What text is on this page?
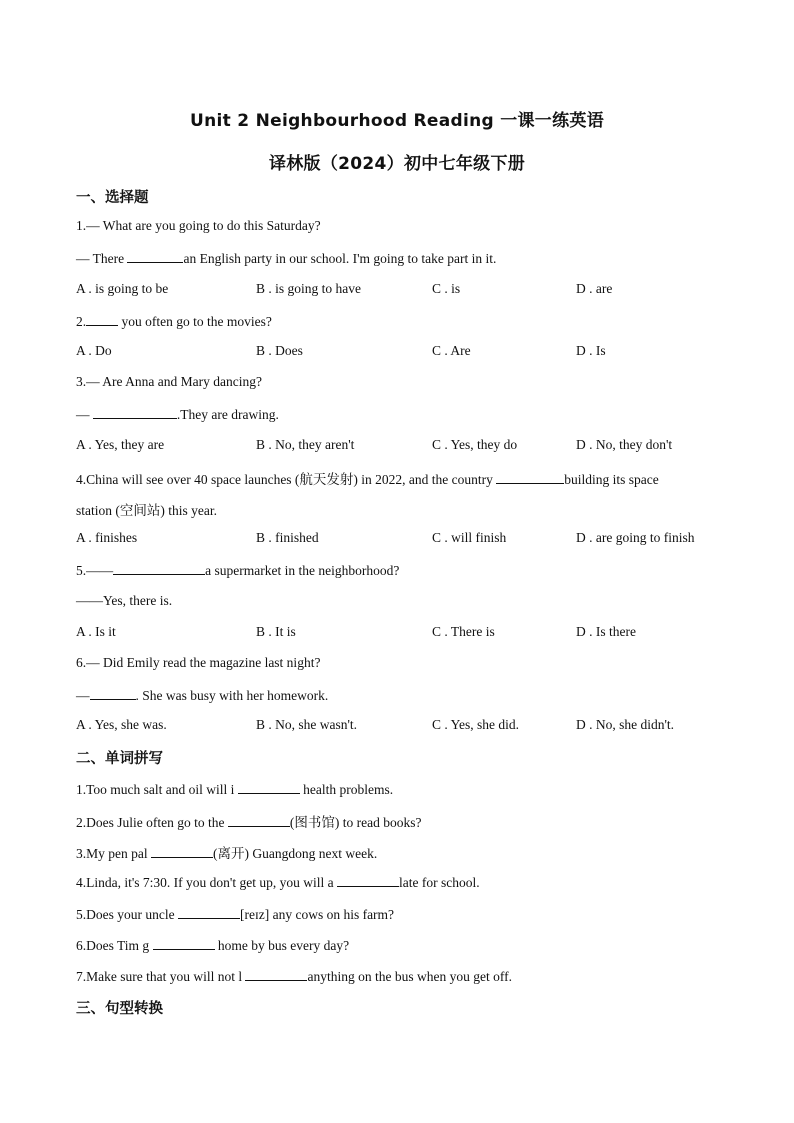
Unit 2 Neighbourhood Reading 一课一练英语
译林版（2024）初中七年级下册
一、选择题
1.— What are you going to do this Saturday?
— There	an English party in our school. I'm going to take part in it.
A . is going to be	B . is going to have	C . is	D . are
2. you often go to the movies?
A . Do	B . Does	C . Are	D . Is
3.— Are Anna and Mary dancing?
—	.They are drawing.
A . Yes, they are	B . No, they aren't	C . Yes, they do	D . No, they don't
4.China will see over 40 space launches (航天发射) in 2022, and the country	building its space
station (空间站) this year.
A . finishes	B . finished	C . will finish	D . are going to finish
5.——	a supermarket in the neighborhood?
——Yes, there is.
A . Is it	B . It is	C . There is	D . Is there
6.— Did Emily read the magazine last night?
—	. She was busy with her homework.
A . Yes, she was.	B . No, she wasn't.	C . Yes, she did.	D . No, she didn't.
二、单词拼写
1.Too much salt and oil will i	health problems.
2.Does Julie often go to the	(图书馆) to read books?
3.My pen pal	(离开) Guangdong next week.
4.Linda, it's 7:30. If you don't get up, you will a	late for school.
5.Does your uncle	[reɪz] any cows on his farm?
6.Does Tim g	home by bus every day?
7.Make sure that you will not l	anything on the bus when you get off.
三、句型转换
